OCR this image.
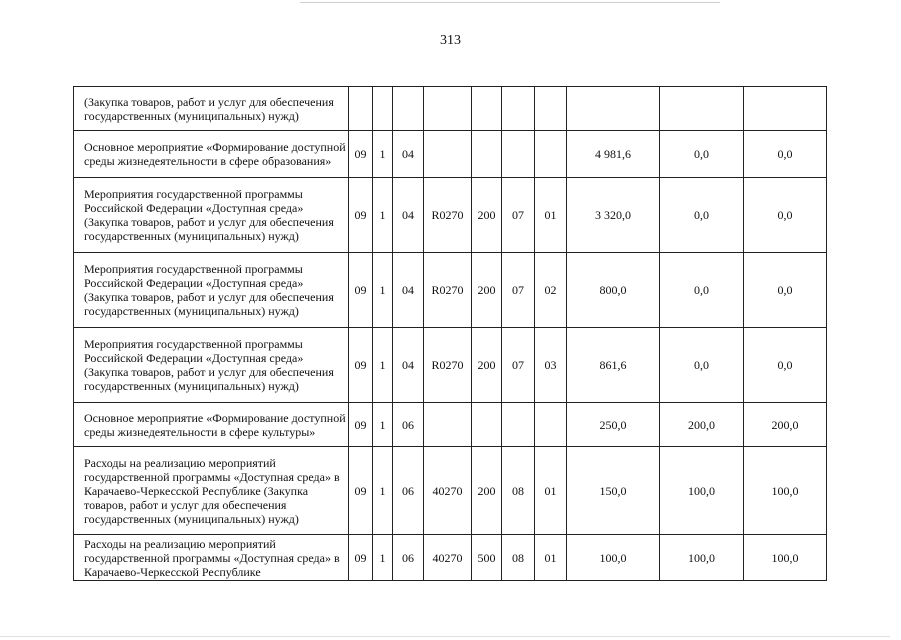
313
(Закупка товаров, работ и услуг для обеспечения государственных (муниципальных) нужд)										
Основное мероприятие «Формирование доступной среды жизнедеятельности в сфере образования»	09	1	04					4 981,6	0,0	0,0
Мероприятия государственной программы Российской Федерации «Доступная среда» (Закупка товаров, работ и услуг для обеспечения государственных (муниципальных) нужд)	09	1	04	R0270	200	07	01	3 320,0	0,0	0,0
Мероприятия государственной программы Российской Федерации «Доступная среда» (Закупка товаров, работ и услуг для обеспечения государственных (муниципальных) нужд)	09	1	04	R0270	200	07	02	800,0	0,0	0,0
Мероприятия государственной программы Российской Федерации «Доступная среда» (Закупка товаров, работ и услуг для обеспечения государственных (муниципальных) нужд)	09	1	04	R0270	200	07	03	861,6	0,0	0,0
Основное мероприятие «Формирование доступной среды жизнедеятельности в сфере культуры»	09	1	06					250,0	200,0	200,0
Расходы на реализацию мероприятий государственной программы «Доступная среда» в Карачаево-Черкесской Республике (Закупка товаров, работ и услуг для обеспечения государственных (муниципальных) нужд)	09	1	06	40270	200	08	01	150,0	100,0	100,0
Расходы на реализацию мероприятий государственной программы «Доступная среда» в Карачаево-Черкесской Республике	09	1	06	40270	500	08	01	100,0	100,0	100,0
